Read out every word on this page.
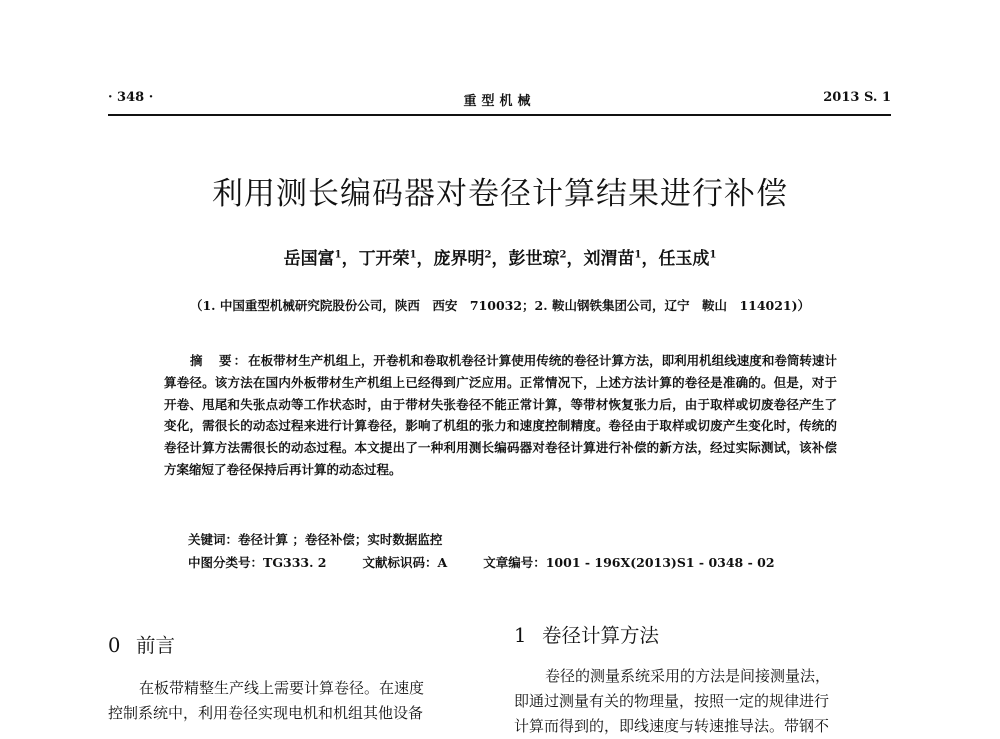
· 348 ·	重型机械	2013 S. 1
利用测长编码器对卷径计算结果进行补偿
岳国富$^1$，丁开荣$^1$，庞界明$^2$，彭世琼$^2$，刘渭苗$^1$，任玉成$^1$
（1. 中国重型机械研究院股份公司，陕西　西安　710032；2. 鞍山钢铁集团公司，辽宁　鞍山　114021)）
摘　要：在板带材生产机组上，开卷机和卷取机卷径计算使用传统的卷径计算方法，即利用机组线速度和卷筒转速计算卷径。该方法在国内外板带材生产机组上已经得到广泛应用。正常情况下，上述方法计算的卷径是准确的。但是，对于开卷、甩尾和失张点动等工作状态时，由于带材失张卷径不能正常计算，等带材恢复张力后，由于取样或切废卷径产生了变化，需很长的动态过程来进行计算卷径，影响了机组的张力和速度控制精度。卷径由于取样或切废产生变化时，传统的卷径计算方法需很长的动态过程。本文提出了一种利用测长编码器对卷径计算进行补偿的新方法，经过实际测试，该补偿方案缩短了卷径保持后再计算的动态过程。
关键词：卷径计算 ；卷径补偿；实时数据监控
中图分类号：TG333. 2	文献标识码：A	文章编号：1001 - 196X(2013)S1 - 0348 - 02
0 前言
在板带精整生产线上需要计算卷径。在速度
控制系统中，利用卷径实现电机和机组其他设备
1 卷径计算方法
卷径的测量系统采用的方法是间接测量法，
即通过测量有关的物理量，按照一定的规律进行
计算而得到的，即线速度与转速推导法。带钢不
